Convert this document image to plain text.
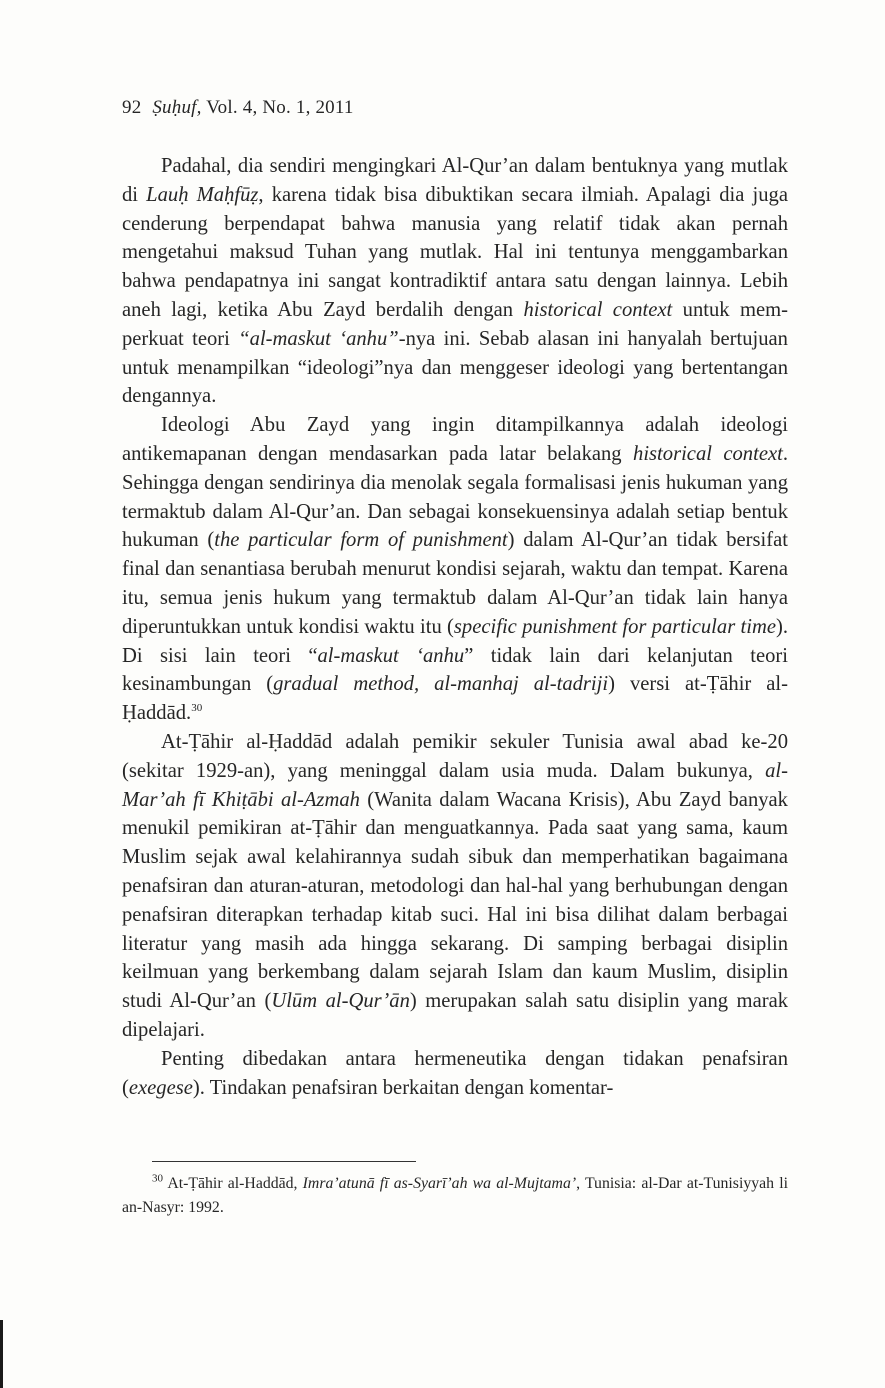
92 Ṣuḥuf, Vol. 4, No. 1, 2011

Padahal, dia sendiri mengingkari Al-Qur’an dalam bentuknya yang mutlak di Lauḥ Maḥfūẓ, karena tidak bisa dibuktikan secara ilmiah. Apalagi dia juga cenderung berpendapat bahwa manusia yang relatif tidak akan pernah mengetahui maksud Tuhan yang mutlak. Hal ini tentunya menggambarkan bahwa pendapatnya ini sangat kontradiktif antara satu dengan lainnya. Lebih aneh lagi, ketika Abu Zayd berdalih dengan historical context untuk memperkuat teori “al-maskut ‘anhu”-nya ini. Sebab alasan ini hanyalah bertujuan untuk menampilkan “ideologi”nya dan menggeser ideologi yang bertentangan dengannya.

Ideologi Abu Zayd yang ingin ditampilkannya adalah ideologi antikemapanan dengan mendasarkan pada latar belakang historical context. Sehingga dengan sendirinya dia menolak segala formalisasi jenis hukuman yang termaktub dalam Al-Qur’an. Dan sebagai konsekuensinya adalah setiap bentuk hukuman (the particular form of punishment) dalam Al-Qur’an tidak bersifat final dan senantiasa berubah menurut kondisi sejarah, waktu dan tempat. Karena itu, semua jenis hukum yang termaktub dalam Al-Qur’an tidak lain hanya diperuntukkan untuk kondisi waktu itu (specific punishment for particular time). Di sisi lain teori “al-maskut ‘anhu” tidak lain dari kelanjutan teori kesinambungan (gradual method, al-manhaj al-tadriji) versi at-Ṭāhir al-Ḥaddād.$^{30}$

At-Ṭāhir al-Ḥaddād adalah pemikir sekuler Tunisia awal abad ke-20 (sekitar 1929-an), yang meninggal dalam usia muda. Dalam bukunya, al-Mar’ah fī Khiṭābi al-Azmah (Wanita dalam Wacana Krisis), Abu Zayd banyak menukil pemikiran at-Ṭāhir dan menguatkannya. Pada saat yang sama, kaum Muslim sejak awal kelahirannya sudah sibuk dan memperhatikan bagaimana penafsiran dan aturan-aturan, metodologi dan hal-hal yang berhubungan dengan penafsiran diterapkan terhadap kitab suci. Hal ini bisa dilihat dalam berbagai literatur yang masih ada hingga sekarang. Di samping berbagai disiplin keilmuan yang berkembang dalam sejarah Islam dan kaum Muslim, disiplin studi Al-Qur’an (Ulūm al-Qur’ān) merupakan salah satu disiplin yang marak dipelajari.

Penting dibedakan antara hermeneutika dengan tidakan penafsiran (exegese). Tindakan penafsiran berkaitan dengan komentar-

$^{30}$ At-Ṭāhir al-Haddād, Imra’atunā fī as-Syarī’ah wa al-Mujtama’, Tunisia: al-Dar at-Tunisiyyah li an-Nasyr: 1992.
